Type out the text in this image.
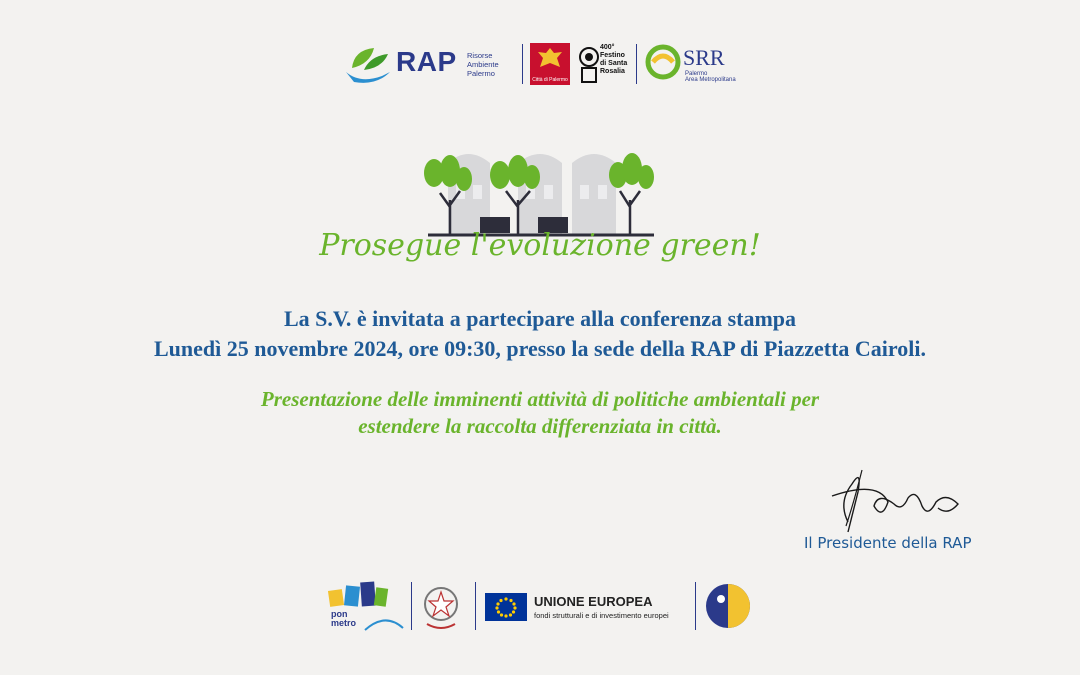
RAP Risorse
Ambiente
Palermo
Città di Palermo
400°
Festino
di Santa
Rosalia
SRR
Palermo
Area Metropolitana
Prosegue l'evoluzione green!
La S.V. è invitata a partecipare alla conferenza stampa
Lunedì 25 novembre 2024, ore 09:30, presso la sede della RAP di Piazzetta Cairoli.
Presentazione delle imminenti attività di politiche ambientali per
estendere la raccolta differenziata in città.
Il Presidente della RAP
pon
metro
UNIONE EUROPEA
fondi strutturali e di investimento europei
